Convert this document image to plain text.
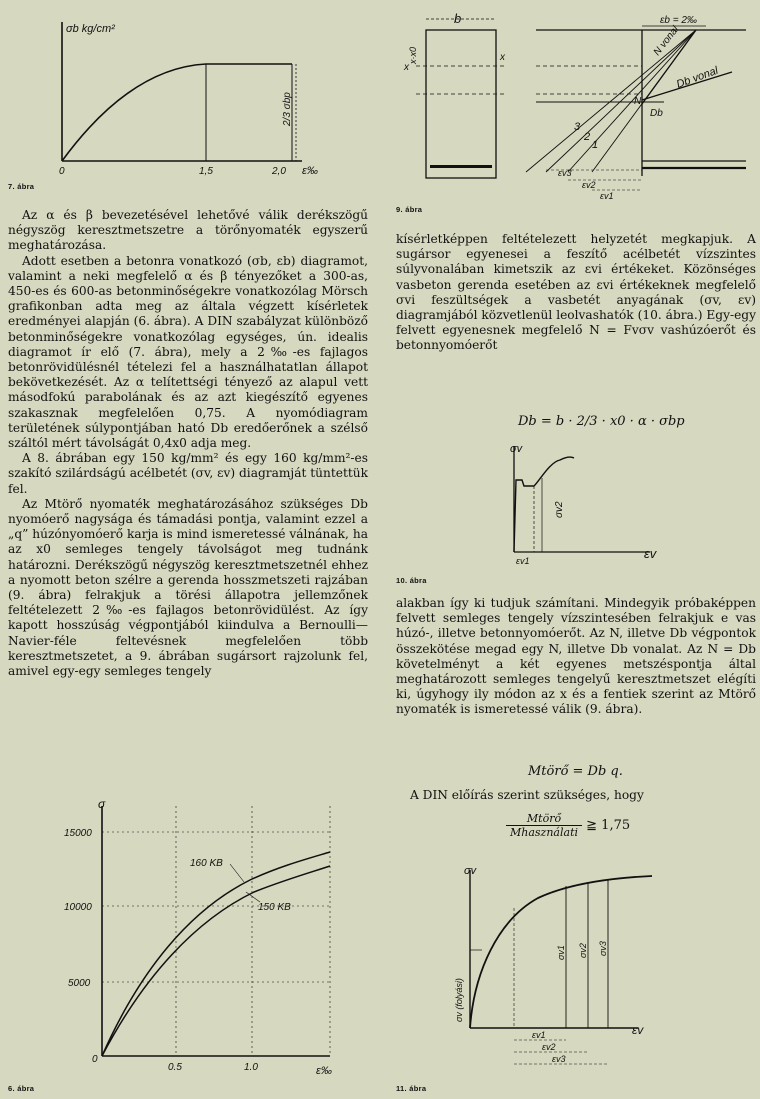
σb kg/cm²
2/3 σbp
0	1,5	2,0 ε‰
7. ábra
b
x
x
x·x0
εb = 2‰
N vonal
Db vonal
N
Db
3
2
1
εv3
εv2
εv1
9. ábra

Az α és β bevezetésével lehetővé válik derékszögű négyszög keresztmetszetre a törőnyomaték egyszerű meghatározása.

Adott esetben a betonra vonatkozó (σb, εb) diagramot, valamint a neki megfelelő α és β tényezőket a 300-as, 450-es és 600-as betonminőségekre vonatkozólag Mörsch grafikonban adta meg az általa végzett kísérletek eredményei alapján (6. ábra). A DIN szabályzat különböző betonminőségekre vonatkozólag egységes, ún. idealis diagramot ír elő (7. ábra), mely a 2‰-es fajlagos betonrövidülésnél tételezi fel a használhatatlan állapot bekövetkezését. Az α telítettségi tényező az alapul vett másodfokú parabolának és az azt kiegészítő egyenes szakasznak megfelelően 0,75. A nyomódiagram területének súlypontjában ható Db eredőerőnek a szélső száltól mért távolságát 0,4x0 adja meg.

A 8. ábrában egy 150 kg/mm² és egy 160 kg/mm²-es szakító szilárdságú acélbetét (σv, εv) diagramját tüntettük fel.

Az Mtörő nyomaték meghatározásához szükséges Db nyomóerő nagysága és támadási pontja, valamint ezzel a „q” húzónyomóerő karja is mind ismeretessé válnának, ha az x0 semleges tengely távolságot meg tudnánk határozni. Derékszögű négyszög keresztmetszetnél ehhez a nyomott beton szélre a gerenda hosszmetszeti rajzában (9. ábra) felrakjuk a törési állapotra jellemzőnek feltételezett 2‰-es fajlagos betonrövidülést. Az így kapott hosszúság végpontjából kiindulva a Bernoulli—Navier-féle feltevésnek megfelelően több keresztmetszetet, a 9. ábrában sugársort rajzolunk fel, amivel egy-egy semleges tengely

160 KB
150 KB
σ
15000
10000
5000
0
0.5	1.0	ε‰
6. ábra

kísérletképpen feltételezett helyzetét megkapjuk. A sugársor egyenesei a feszítő acélbetét vízszintes súlyvonalában kimetszik az εvi értékeket. Közönséges vasbeton gerenda esetében az εvi értékeknek megfelelő σvi feszültségek a vasbetét anyagának (σv, εv) diagramjából közvetlenül leolvashatók (10. ábra.) Egy-egy felvett egyenesnek megfelelő N = Fvσv vashúzóerőt és betonnyomóerőt

Db = b · 2/3 · x0 · α · σbp
σv
σv2
εv1	εv
10. ábra

alakban így ki tudjuk számítani. Mindegyik próbaképpen felvett semleges tengely vízszintesében felrakjuk e vas húzó-, illetve betonnyomóerőt. Az N, illetve Db végpontok összekötése megad egy N, illetve Db vonalat. Az N = Db követelményt a két egyenes metszéspontja által meghatározott semleges tengelyű keresztmetszet elégíti ki, úgyhogy ily módon az x és a fentiek szerint az Mtörő nyomaték is ismeretessé válik (9. ábra).

Mtörő = Db q.

A DIN előírás szerint szükséges, hogy

$\frac{\text{Mtörő}}{\text{Mhasználati}}$ ≧ 1,75
σv
σv (folyási)
σv1 σv2 σv3
εv1
εv2
εv3
εv
11. ábra
